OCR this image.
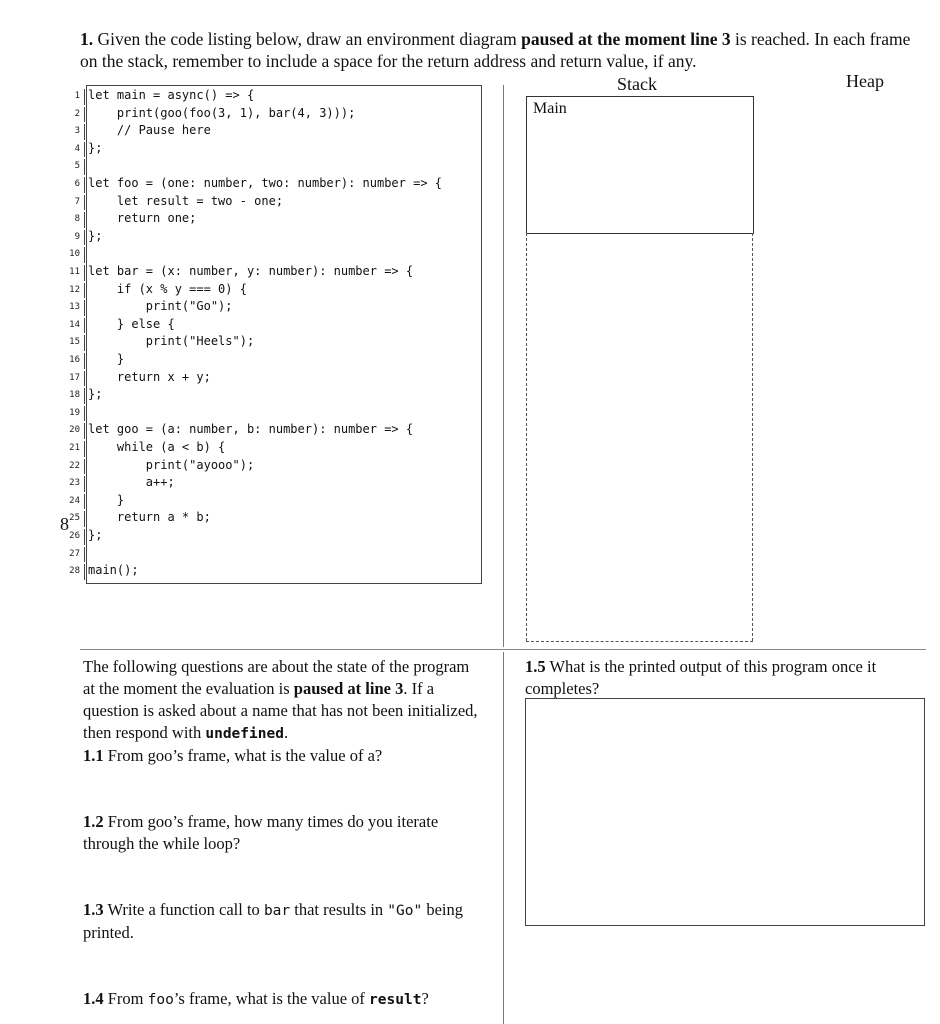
1. Given the code listing below, draw an environment diagram paused at the moment line 3 is reached. In each frame on the stack, remember to include a space for the return address and return value, if any.
1 let main = async() => {
2 print(goo(foo(3, 1), bar(4, 3)));
3 // Pause here
4 };
5
6 let foo = (one: number, two: number): number => {
7 let result = two - one;
8 return one;
9 };
10
11 let bar = (x: number, y: number): number => {
12 if (x % y === 0) {
13 print("Go");
14 } else {
15 print("Heels");
16 }
17 return x + y;
18 };
19
20 let goo = (a: number, b: number): number => {
21 while (a < b) {
22 print("ayooo");
23 a++;
24 }
25 return a * b;
26 };
27
28 main();
8
Stack	Heap
Main

The following questions are about the state of the program at the moment the evaluation is paused at line 3. If a question is asked about a name that has not been initialized, then respond with undefined.

1.1 From goo’s frame, what is the value of a?

1.2 From goo’s frame, how many times do you iterate through the while loop?

1.3 Write a function call to bar that results in "Go" being printed.

1.4 From foo’s frame, what is the value of result?

1.5 What is the printed output of this program once it completes?
